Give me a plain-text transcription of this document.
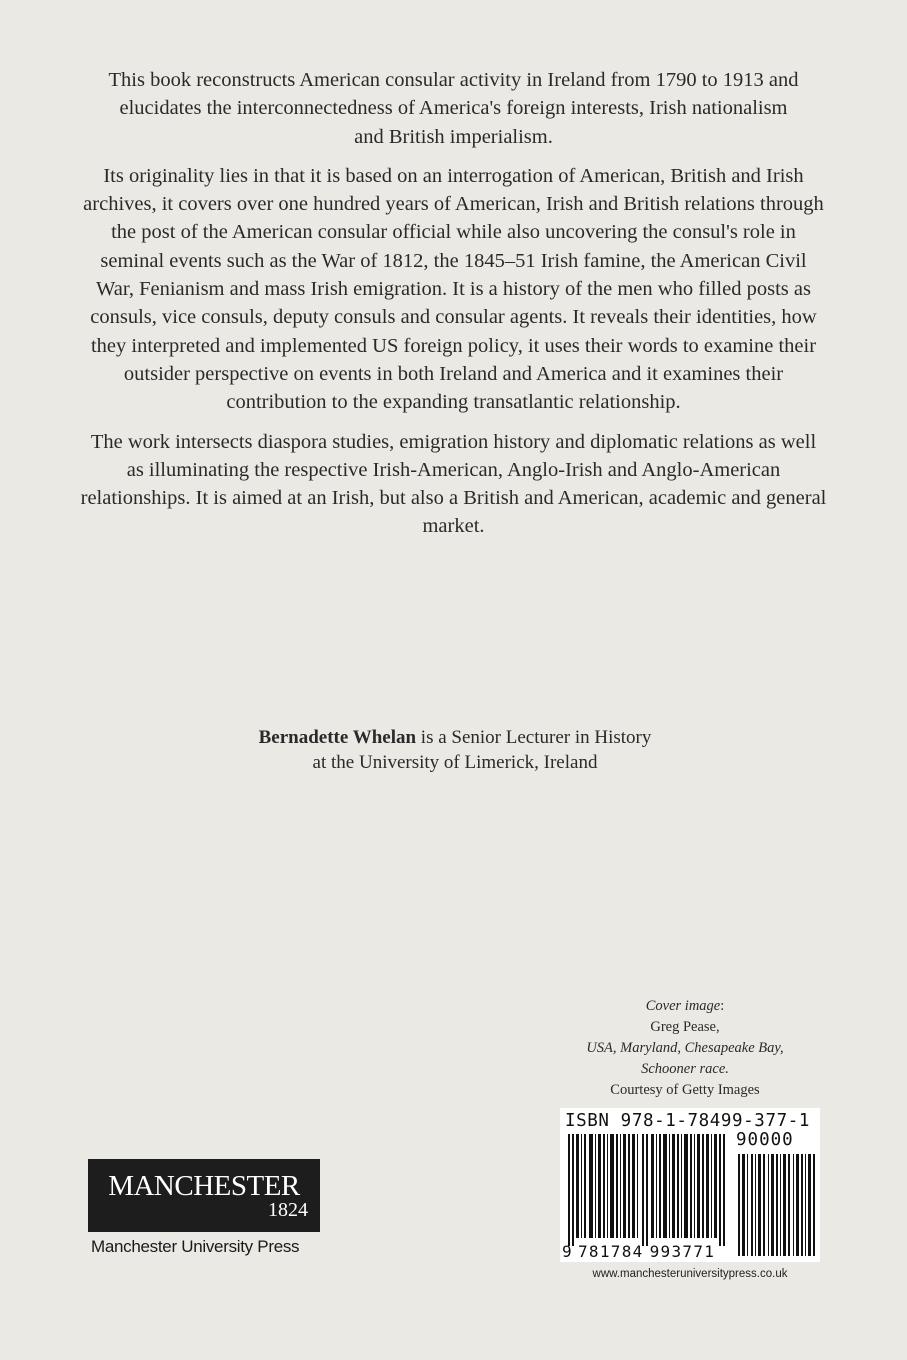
This book reconstructs American consular activity in Ireland from 1790 to 1913 and elucidates the interconnectedness of America's foreign interests, Irish nationalism and British imperialism.

Its originality lies in that it is based on an interrogation of American, British and Irish archives, it covers over one hundred years of American, Irish and British relations through the post of the American consular official while also uncovering the consul's role in seminal events such as the War of 1812, the 1845–51 Irish famine, the American Civil War, Fenianism and mass Irish emigration. It is a history of the men who filled posts as consuls, vice consuls, deputy consuls and consular agents. It reveals their identities, how they interpreted and implemented US foreign policy, it uses their words to examine their outsider perspective on events in both Ireland and America and it examines their contribution to the expanding transatlantic relationship.

The work intersects diaspora studies, emigration history and diplomatic relations as well as illuminating the respective Irish-American, Anglo-Irish and Anglo-American relationships. It is aimed at an Irish, but also a British and American, academic and general market.

Bernadette Whelan is a Senior Lecturer in History
at the University of Limerick, Ireland
Cover image:
Greg Pease,
USA, Maryland, Chesapeake Bay,
Schooner race.
Courtesy of Getty Images
ISBN 978-1-78499-377-1
90000
9 781784 993771
www.manchesteruniversitypress.co.uk
MANCHESTER
1824
Manchester University Press
